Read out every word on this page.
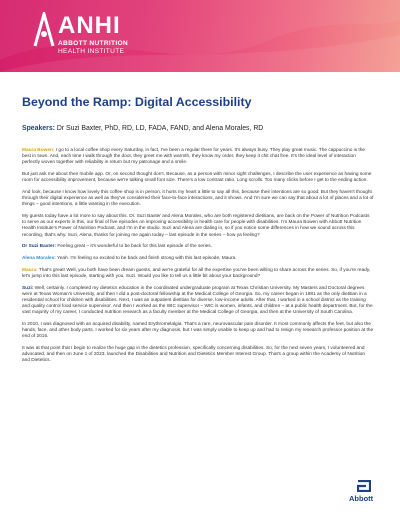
ANHI
ABBOTT NUTRITION
HEALTH INSTITUTE
Beyond the Ramp: Digital Accessibility
Speakers: Dr Suzi Baxter, PhD, RD, LD, FADA, FAND, and Alena Morales, RD

Maura Bowen: I go to a local coffee shop every Saturday, in fact, I've been a regular there for years. It's always busy. They play great music. The cappuccino is the best in town. And, each time I walk through the door, they greet me with warmth, they know my order, they keep it chit chat free. It's the ideal level of interaction perfectly woven together with reliability in return but my patronage and a smile.

But just ask me about their mobile app. Or, on second thought don't. Because, as a person with minor sight challenges, I describe the user experience as having some room for accessibility improvement, because we're talking small font size. There's a low contrast ratio. Long scrolls. Too many clicks before I get to the ending action.

And look, because I know how lovely this coffee shop is in person, it hurts my heart a little to say all this, because their intentions are so good. But they haven't thought through their digital experience as well as they've considered their face-to-face interactions, and it shows. And I'm sure we can say that about a lot of places and a lot of things – good intentions, a little wanting in the execution.

My guests today have a lot more to say about this. Dr. Suzi Baxter and Alena Morales, who are both registered dietitians, are back on the Power of Nutrition Podcasts to serve as our experts in this, our final of five episodes on improving accessibility in health care for people with disabilities. I'm Maura Bowen with Abbott Nutrition Health Institute's Power of Nutrition Podcast, and I'm in the studio. Suzi and Alena are dialing in, so if you notice some differences in how we sound across this recording, that's why. Suzi, Alena, thanks for joining me again today – last episode in the series – how ya feeling?

Dr Suzi Baxter: Feeling great – it's wonderful to be back for this last episode of the series.

Alena Morales: Yeah. I'm feeling so excited to be back and finish strong with this last episode, Maura.

Maura: That's great! Well, you both have been dream guests, and we're grateful for all the expertise you've been willing to share across the series. So, if you're ready, let's jump into this last episode, starting with you, Suzi. Would you like to tell us a little bit about your background?

Suzi: Well, certainly. I completed my dietetics education in the coordinated undergraduate program at Texas Christian University. My Masters and Doctoral degrees were at Texas Woman's University, and then I did a post-doctoral fellowship at the Medical College of Georgia. So, my career began in 1981 as the only dietitian in a residential school for children with disabilities. Next, I was an outpatient dietitian for diverse, low-income adults. After that, I worked in a school district as the training and quality control food service supervisor. And then I worked as the WIC supervisor – WIC is women, infants, and children – at a public health department. But, for the vast majority of my career, I conducted nutrition research as a faculty member at the Medical College of Georgia, and then at the University of South Carolina.

In 2010, I was diagnosed with an acquired disability, named Erythromelalgia. That's a rare, neurovascular pain disorder. It most commonly affects the feet, but also the hands, face, and other body parts. I worked for six years after my diagnosis, but I was simply unable to keep up and had to resign my research professor position at the end of 2016.

It was at that point that I begin to realize the huge gap in the dietetics profession, specifically concerning disabilities. So, for the next seven years, I volunteered and advocated, and then on June 1 of 2023, launched the Disabilities and Nutrition and Dietetics Member Interest Group. That's a group within the Academy of Nutrition and Dietetics.

Abbott
